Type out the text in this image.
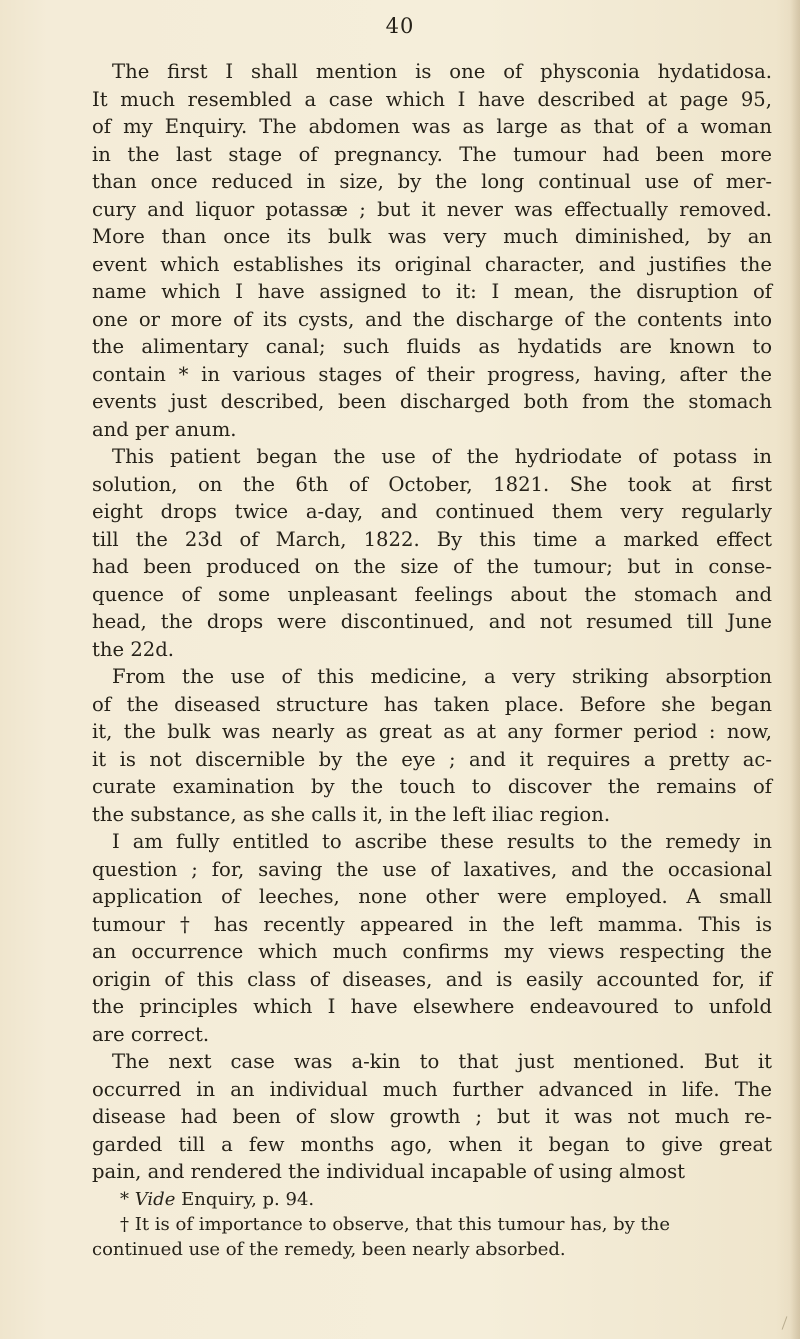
40

The first I shall mention is one of physconia hydatidosa.

It much resembled a case which I have described at page 95,

of my Enquiry. The abdomen was as large as that of a woman

in the last stage of pregnancy. The tumour had been more

than once reduced in size, by the long continual use of mer-

cury and liquor potassæ ; but it never was effectually removed.

More than once its bulk was very much diminished, by an

event which establishes its original character, and justifies the

name which I have assigned to it: I mean, the disruption of

one or more of its cysts, and the discharge of the contents into

the alimentary canal; such fluids as hydatids are known to

contain * in various stages of their progress, having, after the

events just described, been discharged both from the stomach

and per anum.

This patient began the use of the hydriodate of potass in

solution, on the 6th of October, 1821. She took at first

eight drops twice a-day, and continued them very regularly

till the 23d of March, 1822. By this time a marked effect

had been produced on the size of the tumour; but in conse-

quence of some unpleasant feelings about the stomach and

head, the drops were discontinued, and not resumed till June

the 22d.

From the use of this medicine, a very striking absorption

of the diseased structure has taken place. Before she began

it, the bulk was nearly as great as at any former period : now,

it is not discernible by the eye ; and it requires a pretty ac-

curate examination by the touch to discover the remains of

the substance, as she calls it, in the left iliac region.

I am fully entitled to ascribe these results to the remedy in

question ; for, saving the use of laxatives, and the occasional

application of leeches, none other were employed. A small

tumour † has recently appeared in the left mamma. This is

an occurrence which much confirms my views respecting the

origin of this class of diseases, and is easily accounted for, if

the principles which I have elsewhere endeavoured to unfold

are correct.

The next case was a-kin to that just mentioned. But it

occurred in an individual much further advanced in life. The

disease had been of slow growth ; but it was not much re-

garded till a few months ago, when it began to give great

pain, and rendered the individual incapable of using almost

* Vide Enquiry, p. 94.

† It is of importance to observe, that this tumour has, by the

continued use of the remedy, been nearly absorbed.
